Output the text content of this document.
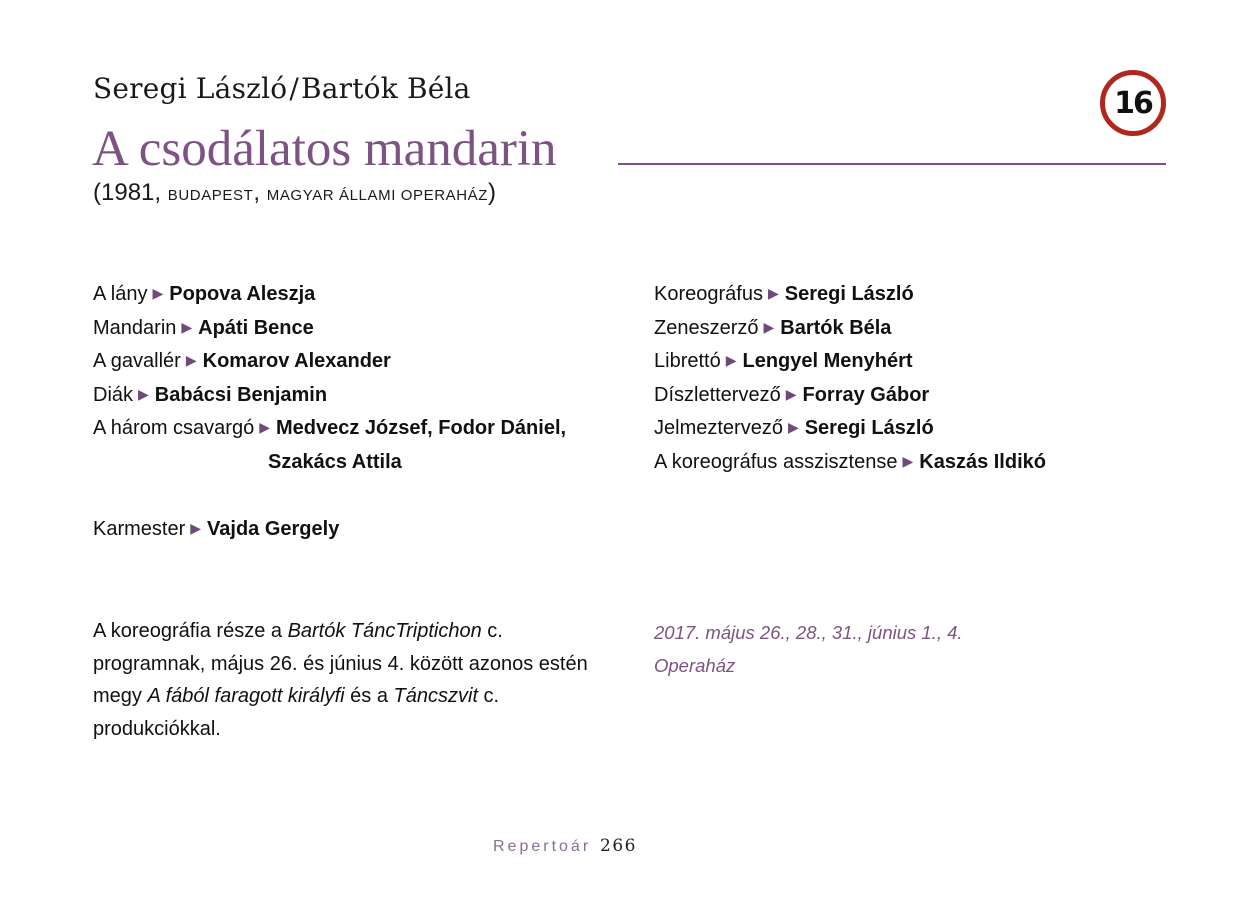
Seregi László/Bartók Béla
A csodálatos mandarin
(1981, BUDAPEST, MAGYAR ÁLLAMI OPERAHÁZ)
16
A lány ▶ Popova Aleszja
Mandarin ▶ Apáti Bence
A gavallér ▶ Komarov Alexander
Diák ▶ Babácsi Benjamin
A három csavargó ▶ Medvecz József, Fodor Dániel,
Szakács Attila
Karmester ▶ Vajda Gergely
Koreográfus ▶ Seregi László
Zeneszerző ▶ Bartók Béla
Librettó ▶ Lengyel Menyhért
Díszlettervező ▶ Forray Gábor
Jelmeztervező ▶ Seregi László
A koreográfus asszisztense ▶ Kaszás Ildikó
A koreográfia része a Bartók TáncTriptichon c. programnak, május 26. és június 4. között azonos estén megy A fából faragott királyfi és a Táncszvit c. produkciókkal.
2017. május 26., 28., 31., június 1., 4.
Operaház
Repertoár 266
